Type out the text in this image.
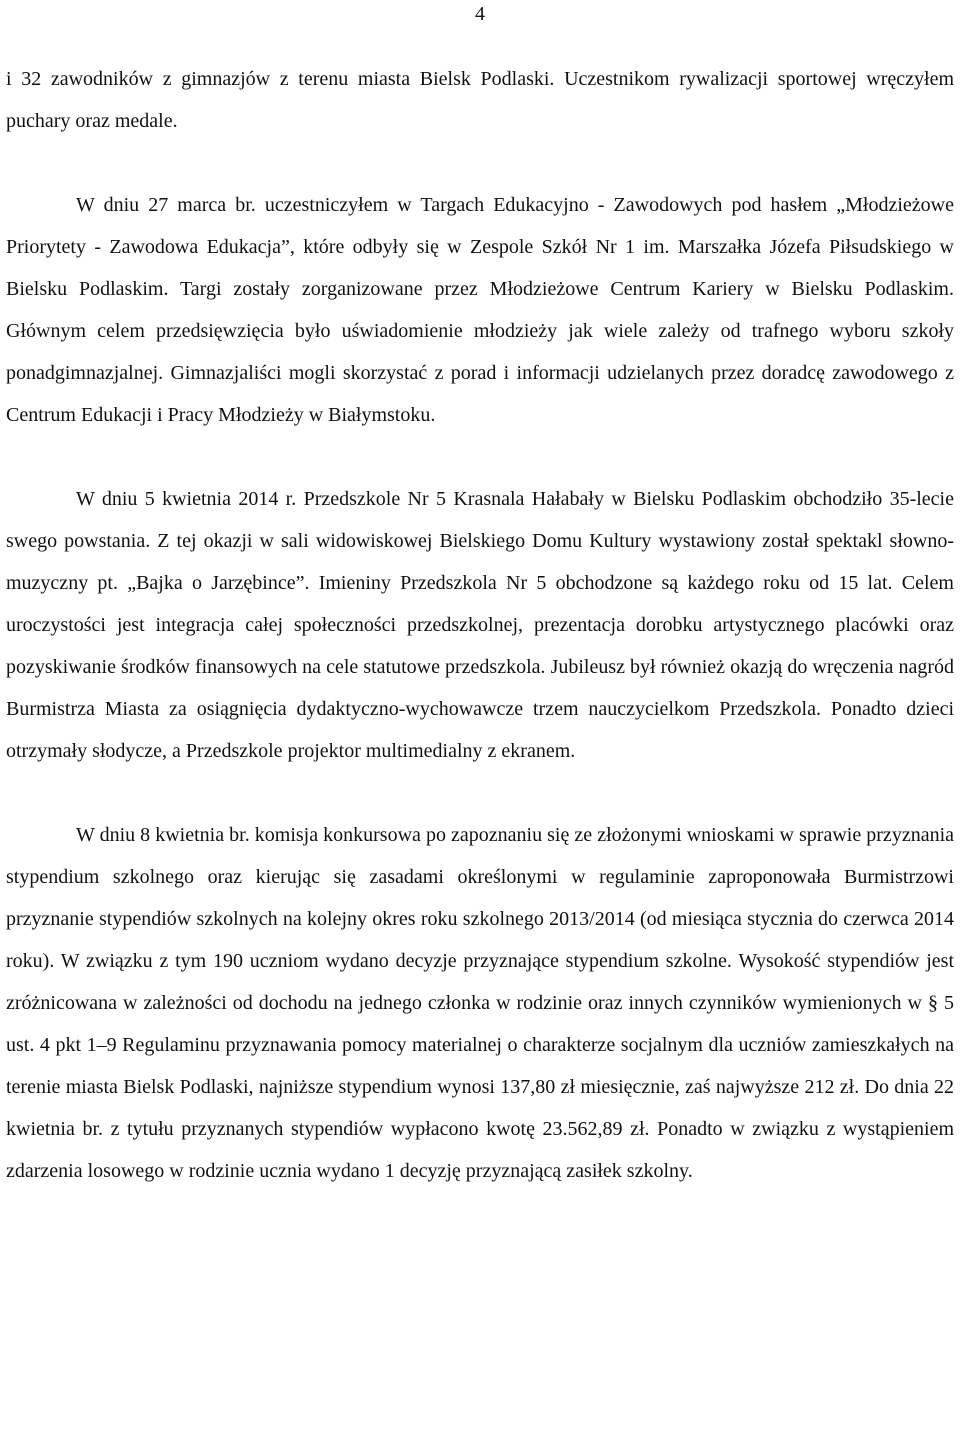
4

i 32 zawodników z gimnazjów z terenu miasta Bielsk Podlaski. Uczestnikom rywalizacji sportowej wręczyłem puchary oraz medale.

W dniu 27 marca br. uczestniczyłem w Targach Edukacyjno - Zawodowych pod hasłem „Młodzieżowe Priorytety - Zawodowa Edukacja”, które odbyły się w Zespole Szkół Nr 1 im. Marszałka Józefa Piłsudskiego w Bielsku Podlaskim. Targi zostały zorganizowane przez Młodzieżowe Centrum Kariery w Bielsku Podlaskim. Głównym celem przedsięwzięcia było uświadomienie młodzieży jak wiele zależy od trafnego wyboru szkoły ponadgimnazjalnej. Gimnazjaliści mogli skorzystać z porad i informacji udzielanych przez doradcę zawodowego z Centrum Edukacji i Pracy Młodzieży w Białymstoku.

W dniu 5 kwietnia 2014 r. Przedszkole Nr 5 Krasnala Hałabały w Bielsku Podlaskim obchodziło 35-lecie swego powstania. Z tej okazji w sali widowiskowej Bielskiego Domu Kultury wystawiony został spektakl słowno-muzyczny pt. „Bajka o Jarzębince”. Imieniny Przedszkola Nr 5 obchodzone są każdego roku od 15 lat. Celem uroczystości jest integracja całej społeczności przedszkolnej, prezentacja dorobku artystycznego placówki oraz pozyskiwanie środków finansowych na cele statutowe przedszkola. Jubileusz był również okazją do wręczenia nagród Burmistrza Miasta za osiągnięcia dydaktyczno-wychowawcze trzem nauczycielkom Przedszkola. Ponadto dzieci otrzymały słodycze, a Przedszkole projektor multimedialny z ekranem.

W dniu 8 kwietnia br. komisja konkursowa po zapoznaniu się ze złożonymi wnioskami w sprawie przyznania stypendium szkolnego oraz kierując się zasadami określonymi w regulaminie zaproponowała Burmistrzowi przyznanie stypendiów szkolnych na kolejny okres roku szkolnego 2013/2014 (od miesiąca stycznia do czerwca 2014 roku). W związku z tym 190 uczniom wydano decyzje przyznające stypendium szkolne. Wysokość stypendiów jest zróżnicowana w zależności od dochodu na jednego członka w rodzinie oraz innych czynników wymienionych w § 5 ust. 4 pkt 1–9 Regulaminu przyznawania pomocy materialnej o charakterze socjalnym dla uczniów zamieszkałych na terenie miasta Bielsk Podlaski, najniższe stypendium wynosi 137,80 zł miesięcznie, zaś najwyższe 212 zł. Do dnia 22 kwietnia br. z tytułu przyznanych stypendiów wypłacono kwotę 23.562,89 zł. Ponadto w związku z wystąpieniem zdarzenia losowego w rodzinie ucznia wydano 1 decyzję przyznającą zasiłek szkolny.
